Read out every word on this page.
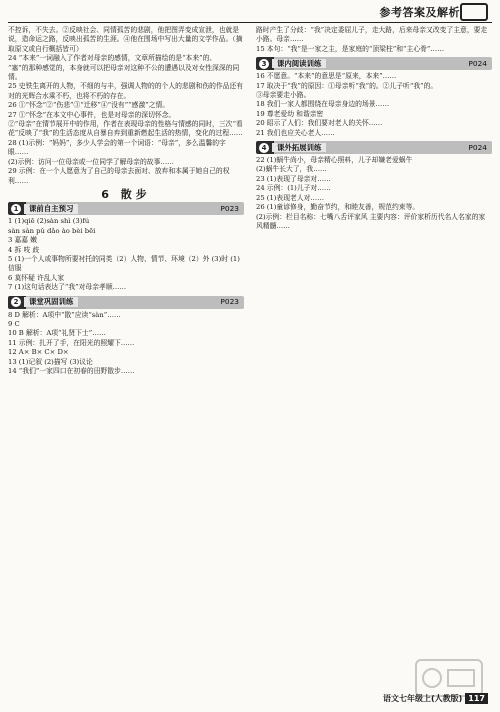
参考答案及解析

不控诉，不失去。②反映社会、同情孤苦的悲剧，他把图弄变成宣泄，也就是说，造命运之路，反映出孤苦的生涯。④他在围场中写出大量的文学作品。（摘取原文或自行概括皆可）

24 “本来”一词融入了作者对母亲的感情，文章所描绘的是“本来”的、

“塞”的那种感觉的，本身就可以把母亲对这种不公的遭遇以及对女性深深的同情。

25 史铁生离开的人物，不细的与丰，强调人物的的个人的悲剧和伤的作品还有对的光辉合水乘不朽，也将不朽的存在。

26 ①“怀念”②“伤悲”③“迁移”④“没有”“感激”之情。

27 ①“怀念”在本文中心事件，也是对母亲的深切怀念。

②“母亲”在情节展开中的作用，作者在表现母亲的性格与情感的同时，三次“看花”反映了“我”的生活态度从自暴自弃到重新燃起生活的热情，变化的过程……

28 (1)示例：“妈妈”，多少人学会的第一个词语：“母亲”，多么温馨的字眼……

(2)示例：访问一位母亲或一位同学了解母亲的故事……

29 示例：在一个人愿意为了自己的母亲去面对、放弃和本属于她自己的权利……

6 散步
1	课前自主预习	P023

1 (1)qiē (2)sàn shì (3)fú

sàn sàn pǔ dǎo ào bèi bēi

3 嘉嘉 嫩

4 拆 吱 歧

5 (1)一个人或事物所要衬托的同类（2）人物、情节、环境（2）外 (3)时 (1) 信服

6 莫怀疑 许乱人家

7 (1)这句话表达了“我”对母亲孝顺……

2	课堂巩固训练	P023

8 D 解析：A项中“散”应读“sàn”……

9 C

10 B 解析：A项“礼贤下士”……

11 示例：扎开了手，在阳光的照耀下……

12 A× B× C× D×

13 (1)记叙 (2)描写 (3)议论

14 “我们”一家四口在初春的田野散步……

路时产生了分歧：“我”决定委屈儿子，走大路，后来母亲又改变了主意，要走小路。母亲……

15 本句：“我”是一家之主，是家庭的“顶梁柱”和“主心骨”……

3	课内阅读训练	P024

16 不愿意。“本来”的意思是“原来，本来”……

17 取决于“我”的原因：①母亲听“我”的。②儿子听“我”的。

③母亲要走小路。

18 我们一家人都围绕在母亲身边的场景……

19 尊老爱幼 和谐亲密

20 昭示了人们：我们要对老人的关怀……

21 我们也应关心老人……

4	课外拓展训练	P024

22 (1)蜗牛尚小，母亲精心照料，儿子却嫌老爱蜗牛

(2)蜗牛长大了，我……

23 (1)表现了母亲对……

24 示例：(1)儿子对……

25 (1)表现老人对……

26 (1)童谚修身，勤奋节约，和睦友善，规范约束等。

(2)示例：栏目名称：七嘴八舌评家风 主要内容：评价家析历代名人名家的家风精髓……

语文七年级上(人教版) 117
